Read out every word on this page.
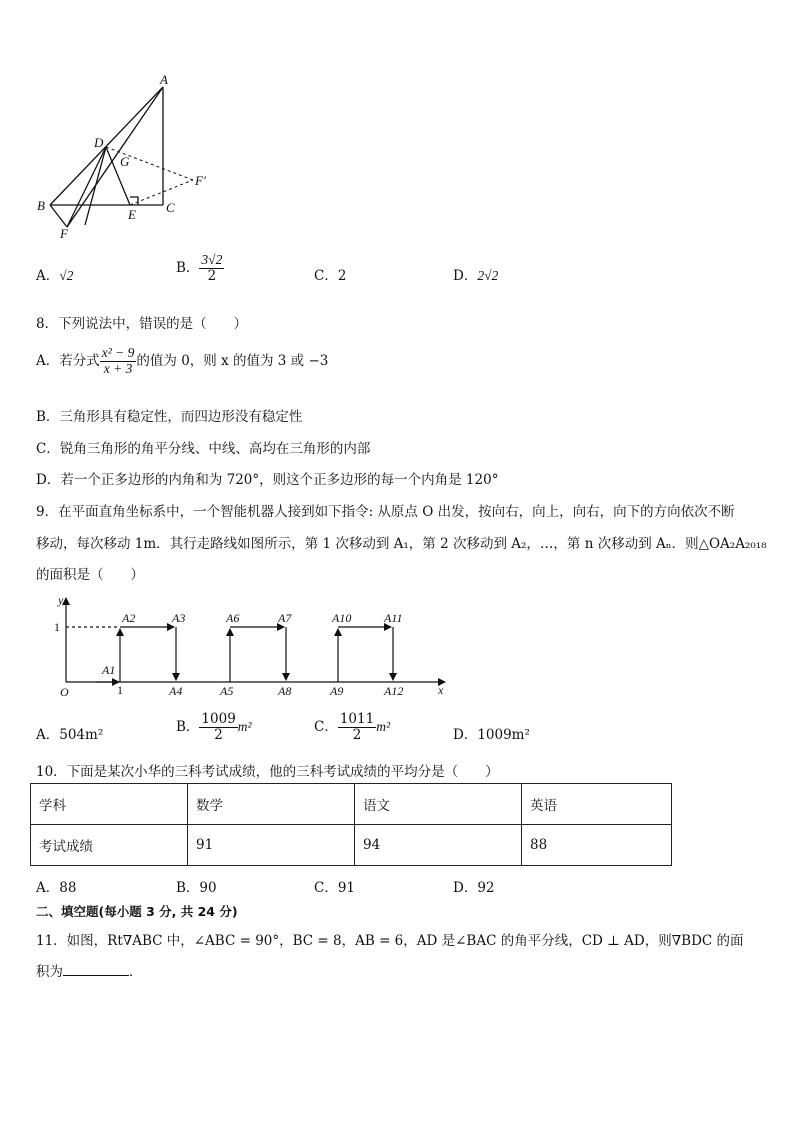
A
D
G
F′
B
E C
F
A．√2	B． $\frac{3√2}{2}$	C．2	D．2√2
8．下列说法中，错误的是（　　）
A．若分式 $\frac{\text{x² − 9}}{x + 3}$ 的值为 0，则 x 的值为 3 或 −3
B．三角形具有稳定性，而四边形没有稳定性
C．锐角三角形的角平分线、中线、高均在三角形的内部
D．若一个正多边形的内角和为 720°，则这个正多边形的每一个内角是 120°
9．在平面直角坐标系中，一个智能机器人接到如下指令: 从原点 O 出发，按向右，向上，向右，向下的方向依次不断
移动，每次移动 1m．其行走路线如图所示，第 1 次移动到 A₁，第 2 次移动到 A₂，…，第 n 次移动到 Aₙ．则△OA₂A₂₀₁₈
的面积是（　　）
y
1
O	1	x
A1
A2	A3
A4	A5
A6	A7
A8	A9
A10	A11
A12
A．504m²
B． $\frac{1009}{2} m^2$	C． $\frac{1011}{2} m^2$
D．1009m²
10．下面是某次小华的三科考试成绩，他的三科考试成绩的平均分是（　　）
学科	数学	语文	英语
考试成绩	91	94	88
A．88	B．90	C．91	D．92
二、填空题(每小题 3 分, 共 24 分)
11．如图，Rt∇ABC 中，∠ABC = 90°，BC = 8，AB = 6，AD 是∠BAC 的角平分线，CD ⊥ AD，则∇BDC 的面
积为	．
